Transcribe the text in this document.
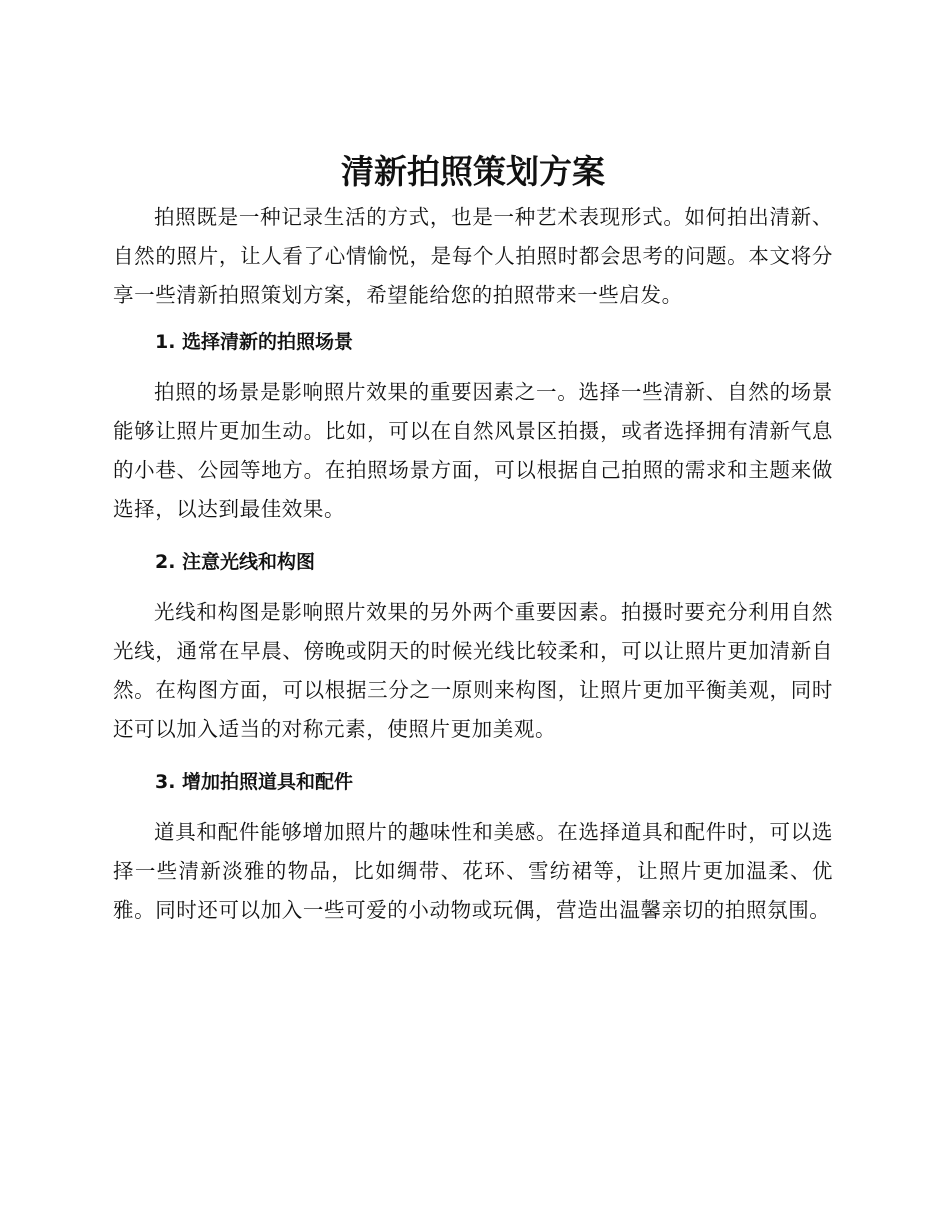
清新拍照策划方案

拍照既是一种记录生活的方式，也是一种艺术表现形式。如何拍出清新、自然的照片，让人看了心情愉悦，是每个人拍照时都会思考的问题。本文将分享一些清新拍照策划方案，希望能给您的拍照带来一些启发。

1. 选择清新的拍照场景

拍照的场景是影响照片效果的重要因素之一。选择一些清新、自然的场景能够让照片更加生动。比如，可以在自然风景区拍摄，或者选择拥有清新气息的小巷、公园等地方。在拍照场景方面，可以根据自己拍照的需求和主题来做选择，以达到最佳效果。

2. 注意光线和构图

光线和构图是影响照片效果的另外两个重要因素。拍摄时要充分利用自然光线，通常在早晨、傍晚或阴天的时候光线比较柔和，可以让照片更加清新自然。在构图方面，可以根据三分之一原则来构图，让照片更加平衡美观，同时还可以加入适当的对称元素，使照片更加美观。

3. 增加拍照道具和配件

道具和配件能够增加照片的趣味性和美感。在选择道具和配件时，可以选择一些清新淡雅的物品，比如绸带、花环、雪纺裙等，让照片更加温柔、优雅。同时还可以加入一些可爱的小动物或玩偶，营造出温馨亲切的拍照氛围。
